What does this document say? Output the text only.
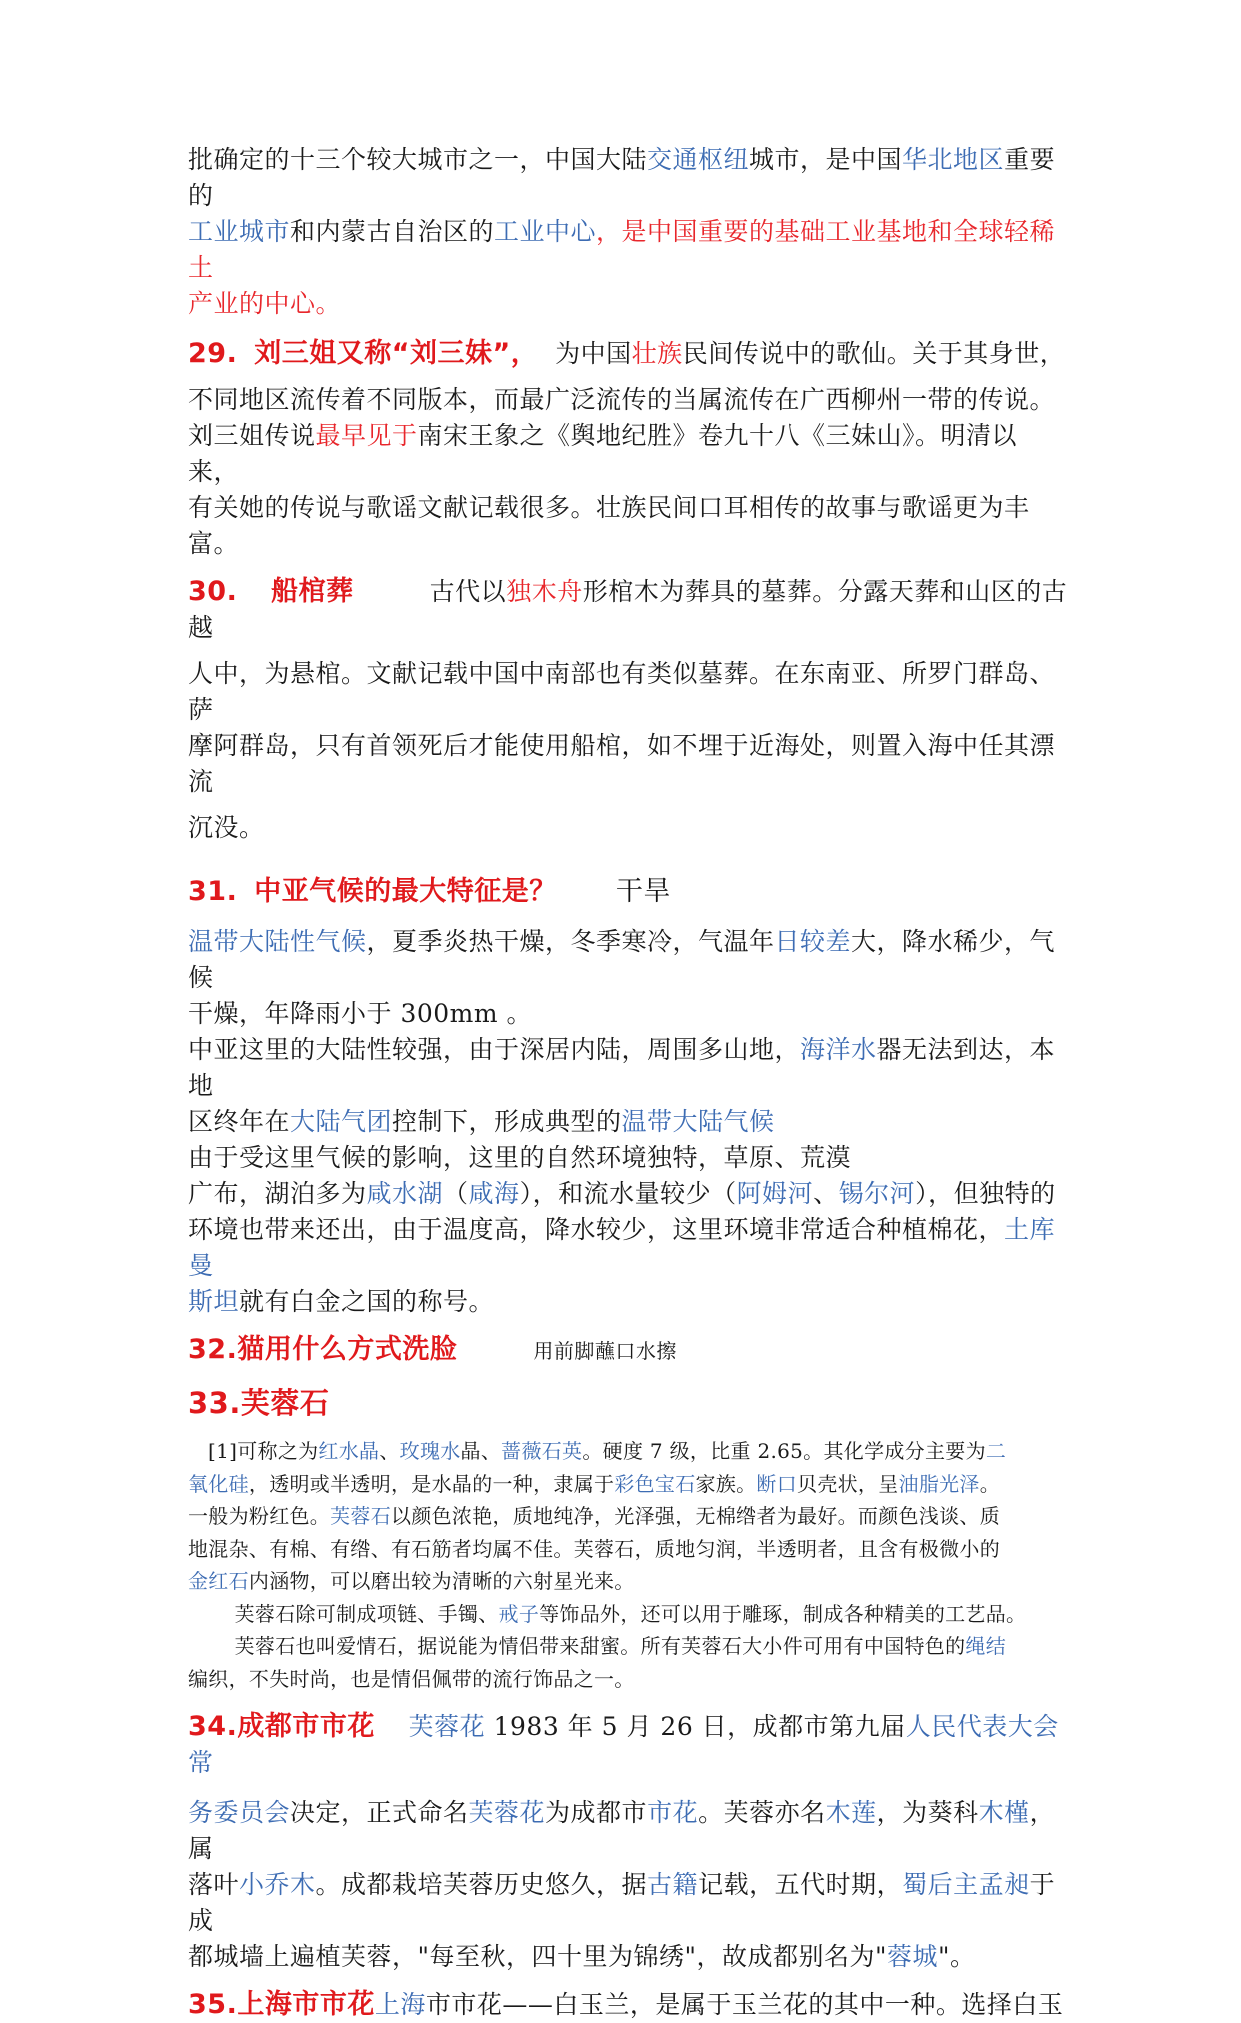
批确定的十三个较大城市之一，中国大陆交通枢纽城市，是中国华北地区重要的
工业城市和内蒙古自治区的工业中心，是中国重要的基础工业基地和全球轻稀土
产业的中心。

29. 刘三姐又称“刘三妹”， 为中国壮族民间传说中的歌仙。关于其身世，

不同地区流传着不同版本，而最广泛流传的当属流传在广西柳州一带的传说。
刘三姐传说最早见于南宋王象之《舆地纪胜》卷九十八《三妹山》。明清以来，
有关她的传说与歌谣文献记载很多。壮族民间口耳相传的故事与歌谣更为丰富。

30. 船棺葬	古代以独木舟形棺木为葬具的墓葬。分露天葬和山区的古越

人中，为悬棺。文献记载中国中南部也有类似墓葬。在东南亚、所罗门群岛、萨
摩阿群岛，只有首领死后才能使用船棺，如不埋于近海处，则置入海中任其漂流
沉没。

31. 中亚气候的最大特征是？ 干旱

温带大陆性气候，夏季炎热干燥，冬季寒冷，气温年日较差大，降水稀少，气候
干燥，年降雨小于 300mm 。
中亚这里的大陆性较强，由于深居内陆，周围多山地，海洋水器无法到达，本地
区终年在大陆气团控制下，形成典型的温带大陆气候
由于受这里气候的影响，这里的自然环境独特，草原、荒漠
广布，湖泊多为咸水湖（咸海），和流水量较少（阿姆河、锡尔河），但独特的
环境也带来还出，由于温度高，降水较少，这里环境非常适合种植棉花，土库曼
斯坦就有白金之国的称号。

32.猫用什么方式洗脸	用前脚蘸口水擦

33.芙蓉石

[1]可称之为红水晶、玫瑰水晶、蔷薇石英。硬度 7 级，比重 2.65。其化学成分主要为二
氧化硅，透明或半透明，是水晶的一种，隶属于彩色宝石家族。断口贝壳状，呈油脂光泽。
一般为粉红色。芙蓉石以颜色浓艳，质地纯净，光泽强，无棉绺者为最好。而颜色浅谈、质
地混杂、有棉、有绺、有石筋者均属不佳。芙蓉石，质地匀润，半透明者，且含有极微小的
金红石内涵物，可以磨出较为清晰的六射星光来。
芙蓉石除可制成项链、手镯、戒子等饰品外，还可以用于雕琢，制成各种精美的工艺品。
芙蓉石也叫爱情石，据说能为情侣带来甜蜜。所有芙蓉石大小件可用有中国特色的绳结
编织，不失时尚，也是情侣佩带的流行饰品之一。

34.成都市市花 芙蓉花 1983 年 5 月 26 日，成都市第九届人民代表大会常

务委员会决定，正式命名芙蓉花为成都市市花。芙蓉亦名木莲，为葵科木槿，属
落叶小乔木。成都栽培芙蓉历史悠久，据古籍记载，五代时期，蜀后主孟昶于成
都城墙上遍植芙蓉，"每至秋，四十里为锦绣"，故成都别名为"蓉城"。

35.上海市市花上海市市花——白玉兰，是属于玉兰花的其中一种。选择白玉
